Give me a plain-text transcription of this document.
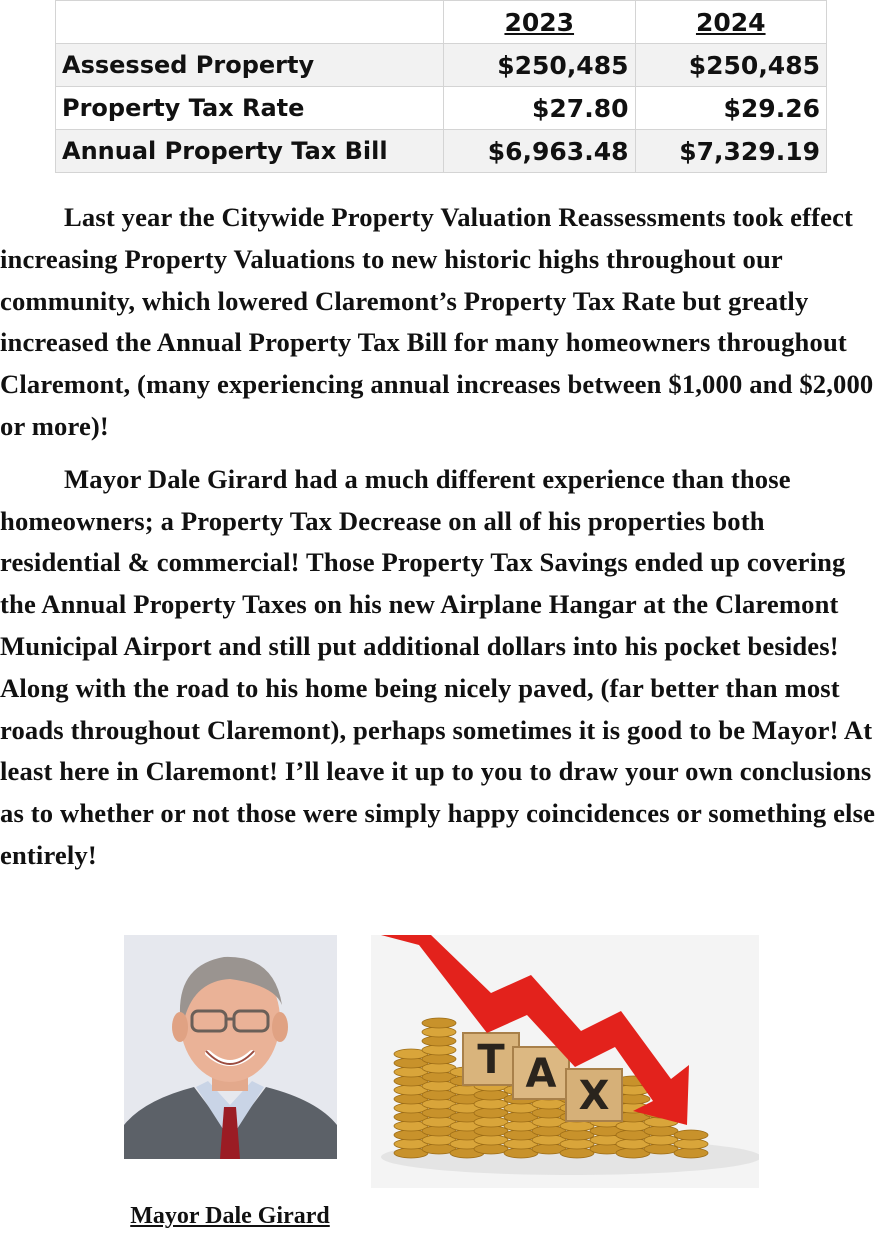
	2023	2024
Assessed Property	$250,485	$250,485
Property Tax Rate	$27.80	$29.26
Annual Property Tax Bill	$6,963.48	$7,329.19

Last year the Citywide Property Valuation Reassessments took effect increasing Property Valuations to new historic highs throughout our community, which lowered Claremont’s Property Tax Rate but greatly increased the Annual Property Tax Bill for many homeowners throughout Claremont, (many experiencing annual increases between $1,000 and $2,000 or more)!

Mayor Dale Girard had a much different experience than those homeowners; a Property Tax Decrease on all of his properties both residential & commercial! Those Property Tax Savings ended up covering the Annual Property Taxes on his new Airplane Hangar at the Claremont Municipal Airport and still put additional dollars into his pocket besides! Along with the road to his home being nicely paved, (far better than most roads throughout Claremont), perhaps sometimes it is good to be Mayor! At least here in Claremont! I’ll leave it up to you to draw your own conclusions as to whether or not those were simply happy coincidences or something else entirely!

T A X
Mayor Dale Girard
